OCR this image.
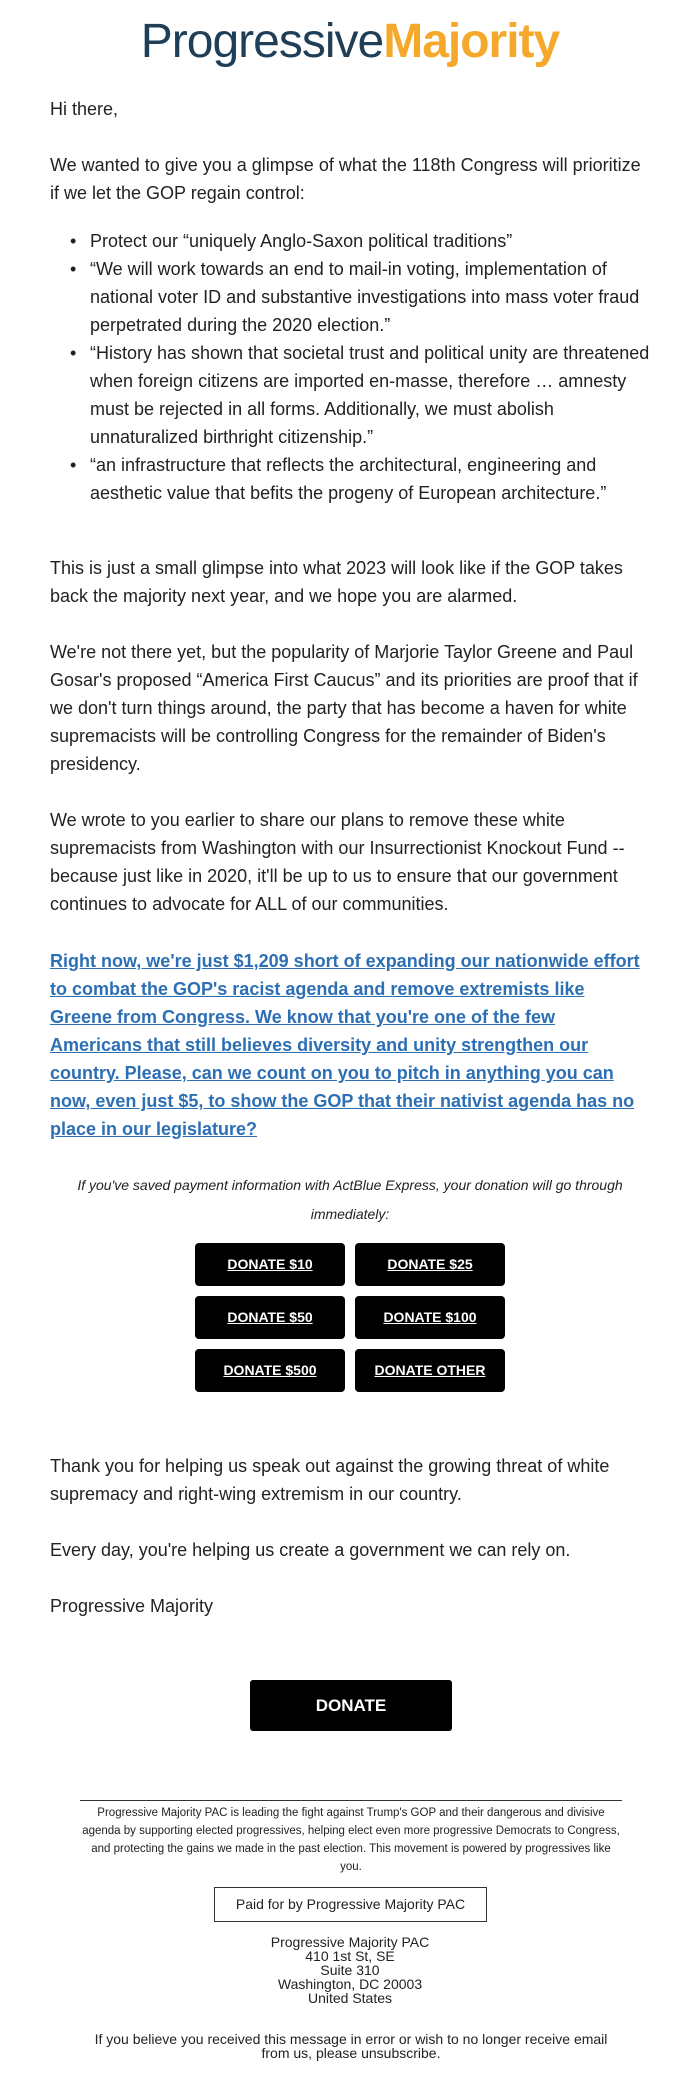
ProgressiveMajority

Hi there,

We wanted to give you a glimpse of what the 118th Congress will prioritize if we let the GOP regain control:

• Protect our “uniquely Anglo-Saxon political traditions”
• “We will work towards an end to mail-in voting, implementation of national voter ID and substantive investigations into mass voter fraud perpetrated during the 2020 election.”
• “History has shown that societal trust and political unity are threatened when foreign citizens are imported en-masse, therefore … amnesty must be rejected in all forms. Additionally, we must abolish unnaturalized birthright citizenship.”
• “an infrastructure that reflects the architectural, engineering and aesthetic value that befits the progeny of European architecture.”

This is just a small glimpse into what 2023 will look like if the GOP takes back the majority next year, and we hope you are alarmed.

We're not there yet, but the popularity of Marjorie Taylor Greene and Paul Gosar's proposed “America First Caucus” and its priorities are proof that if we don't turn things around, the party that has become a haven for white supremacists will be controlling Congress for the remainder of Biden's presidency.

We wrote to you earlier to share our plans to remove these white supremacists from Washington with our Insurrectionist Knockout Fund -- because just like in 2020, it'll be up to us to ensure that our government continues to advocate for ALL of our communities.

Right now, we're just $1,209 short of expanding our nationwide effort to combat the GOP's racist agenda and remove extremists like Greene from Congress. We know that you're one of the few Americans that still believes diversity and unity strengthen our country. Please, can we count on you to pitch in anything you can now, even just $5, to show the GOP that their nativist agenda has no place in our legislature?

If you've saved payment information with ActBlue Express, your donation will go through immediately:

DONATE $10	DONATE $25
DONATE $50	DONATE $100
DONATE $500	DONATE OTHER

Thank you for helping us speak out against the growing threat of white supremacy and right-wing extremism in our country.

Every day, you're helping us create a government we can rely on.

Progressive Majority

DONATE

Progressive Majority PAC is leading the fight against Trump's GOP and their dangerous and divisive agenda by supporting elected progressives, helping elect even more progressive Democrats to Congress, and protecting the gains we made in the past election. This movement is powered by progressives like you.

Paid for by Progressive Majority PAC
Progressive Majority PAC
410 1st St, SE
Suite 310
Washington, DC 20003
United States

If you believe you received this message in error or wish to no longer receive email from us, please unsubscribe.
